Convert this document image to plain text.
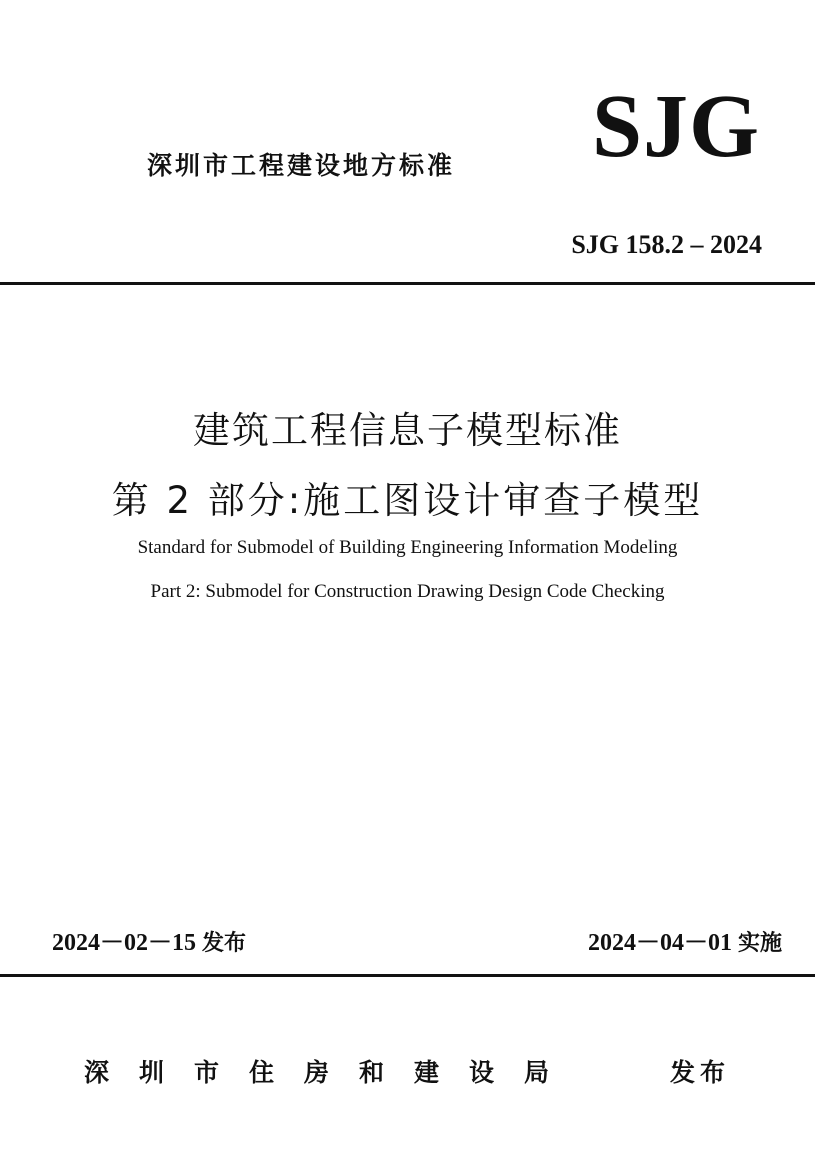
深圳市工程建设地方标准 SJG
SJG 158.2 – 2024
建筑工程信息子模型标准
第 2 部分:施工图设计审查子模型
Standard for Submodel of Building Engineering Information Modeling
Part 2: Submodel for Construction Drawing Design Code Checking
2024－02－15 发布	2024－04－01 实施
深圳市住房和建设局	发布
